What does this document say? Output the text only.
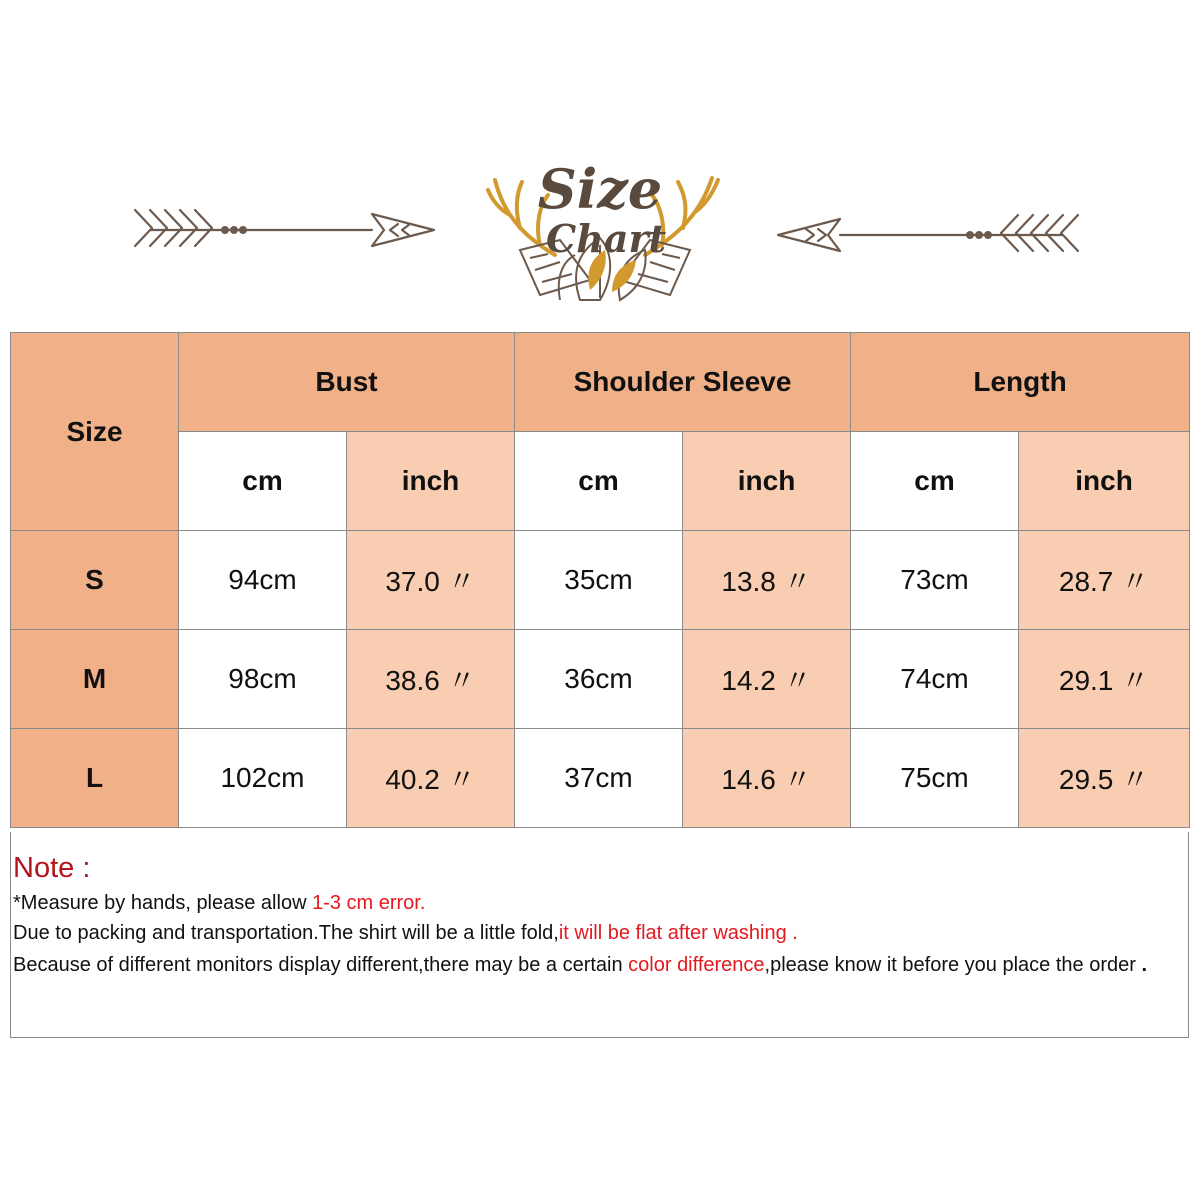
Size
Chart
Size	Bust		Shoulder Sleeve		Length	
	cm	inch	cm	inch	cm	inch
S	94cm	37.0 〃	35cm	13.8 〃	73cm	28.7 〃
M	98cm	38.6 〃	36cm	14.2 〃	74cm	29.1 〃
L	102cm	40.2 〃	37cm	14.6 〃	75cm	29.5 〃

Note :

*Measure by hands, please allow 1-3 cm error.

Due to packing and transportation.The shirt will be a little fold,it will be flat after washing .

Because of different monitors display different,there may be a certain color difference,please know it before you place the order .
